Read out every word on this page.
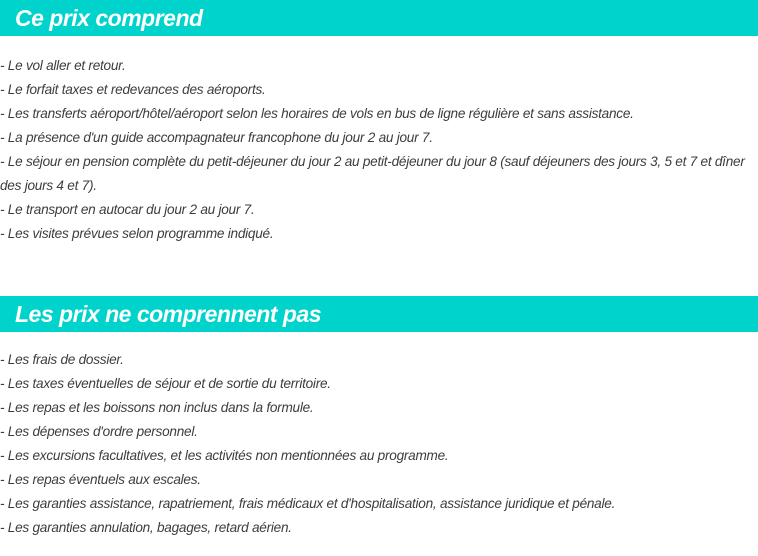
Ce prix comprend
- Le vol aller et retour.
- Le forfait taxes et redevances des aéroports.
- Les transferts aéroport/hôtel/aéroport selon les horaires de vols en bus de ligne régulière et sans assistance.
- La présence d'un guide accompagnateur francophone du jour 2 au jour 7.
- Le séjour en pension complète du petit-déjeuner du jour 2 au petit-déjeuner du jour 8 (sauf déjeuners des jours 3, 5 et 7 et dîner des jours 4 et 7).
- Le transport en autocar du jour 2 au jour 7.
- Les visites prévues selon programme indiqué.
Les prix ne comprennent pas
- Les frais de dossier.
- Les taxes éventuelles de séjour et de sortie du territoire.
- Les repas et les boissons non inclus dans la formule.
- Les dépenses d'ordre personnel.
- Les excursions facultatives, et les activités non mentionnées au programme.
- Les repas éventuels aux escales.
- Les garanties assistance, rapatriement, frais médicaux et d'hospitalisation, assistance juridique et pénale.
- Les garanties annulation, bagages, retard aérien.
